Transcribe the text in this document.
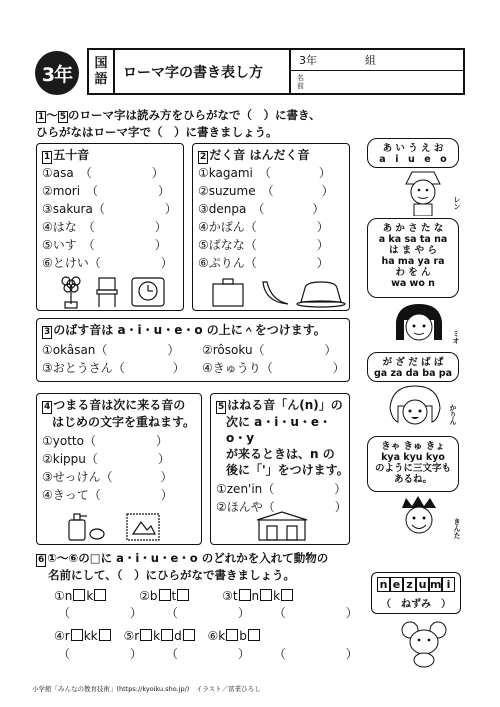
3年
国
語	ローマ字の書き表し方
3年	組
名
前
1 ～ 5 のローマ字は読み方をひらがなで（　）に書き、
ひらがなはローマ字で（　）に書きましょう。
1 五十音
①asa　（　　　　　）
②mori　（　　　　　）
③sakura（　　　　　）
④はな　（　　　　　）
⑤いす　（　　　　　）
⑥とけい（　　　　　）
2 だく音 はんだく音
①kagami　（　　　　）
②suzume　（　　　　）
③denpa　（　　　　）
④かばん（　　　　　）
⑤ばなな（　　　　　）
⑥ぷりん（　　　　　）
3 のばす音は a・i・u・e・o の上に＾をつけます。
①okâsan（　　　　　）	②rôsoku（　　　　　）
③おとうさん（　　　　）	④きゅうり（　　　　　）
4 つまる音は次に来る音の
はじめの文字を重ねます。
①yotto（　　　　　）
②kippu（　　　　　）
③せっけん（　　　　）
④きって（　　　　　）
5 はねる音「ん(n)」の
次に a・i・u・e・o・y
が来るときは、n の
後に「'」をつけます。
①zen'in（　　　　　）
②ほんや（　　　　　）
あ い う え お
a　i　u　e　o
レン
あ か さ た な
a ka sa ta na
は ま や ら
ha ma ya ra
わ を ん
wa wo n
ミオ
が ざ だ ば ぱ
ga za da ba pa
かりん
きゃ きゅ きょ
kya kyu kyo
のように三文字も
あるね。
きんた
6 ①～⑥の□に a・i・u・e・o のどれかを入れて動物の
名前にして、（　）にひらがなで書きましょう。
①n k	②b t	③t n k
（　　　　　） （　　　　　） （　　　　　）
④r kk ⑤r k d ⑥k b
（　　　　　） （　　　　　） （　　　　　）
n e z u m i
（　ねずみ　）
小学館「みんなの教育技術」(https://kyoiku.sho.jp/)　イラスト／冨業ひろし
